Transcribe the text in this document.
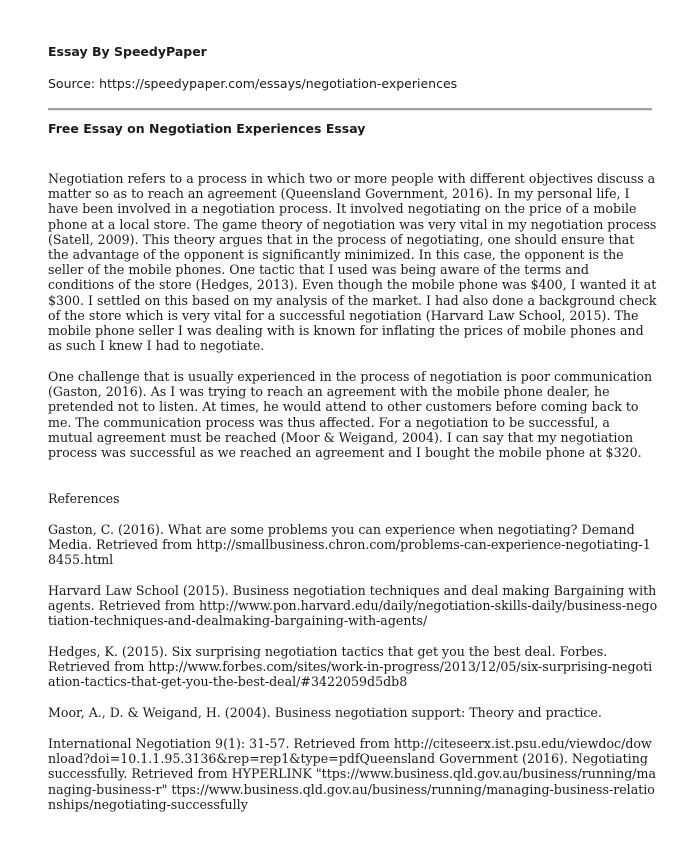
Essay By SpeedyPaper
Source: https://speedypaper.com/essays/negotiation-experiences
Free Essay on Negotiation Experiences Essay

Negotiation refers to a process in which two or more people with different objectives discuss a matter so as to reach an agreement (Queensland Government, 2016). In my personal life, I have been involved in a negotiation process. It involved negotiating on the price of a mobile phone at a local store. The game theory of negotiation was very vital in my negotiation process (Satell, 2009). This theory argues that in the process of negotiating, one should ensure that the advantage of the opponent is significantly minimized. In this case, the opponent is the seller of the mobile phones. One tactic that I used was being aware of the terms and conditions of the store (Hedges, 2013). Even though the mobile phone was $400, I wanted it at $300. I settled on this based on my analysis of the market. I had also done a background check of the store which is very vital for a successful negotiation (Harvard Law School, 2015). The mobile phone seller I was dealing with is known for inflating the prices of mobile phones and as such I knew I had to negotiate.

One challenge that is usually experienced in the process of negotiation is poor communication (Gaston, 2016). As I was trying to reach an agreement with the mobile phone dealer, he pretended not to listen. At times, he would attend to other customers before coming back to me. The communication process was thus affected. For a negotiation to be successful, a mutual agreement must be reached (Moor & Weigand, 2004). I can say that my negotiation process was successful as we reached an agreement and I bought the mobile phone at $320.

References
Gaston, C. (2016). What are some problems you can experience when negotiating? Demand Media. Retrieved from http://smallbusiness.chron.com/problems-can-experience-negotiating-18455.html
Harvard Law School (2015). Business negotiation techniques and deal making Bargaining with agents. Retrieved from http://www.pon.harvard.edu/daily/negotiation-skills-daily/business-negotiation-techniques-and-dealmaking-bargaining-with-agents/
Hedges, K. (2015). Six surprising negotiation tactics that get you the best deal. Forbes. Retrieved from http://www.forbes.com/sites/work-in-progress/2013/12/05/six-surprising-negotiation-tactics-that-get-you-the-best-deal/#3422059d5db8
Moor, A., D. & Weigand, H. (2004). Business negotiation support: Theory and practice.
International Negotiation 9(1): 31-57. Retrieved from http://citeseerx.ist.psu.edu/viewdoc/download?doi=10.1.1.95.3136&rep=rep1&type=pdfQueensland Government (2016). Negotiating successfully. Retrieved from HYPERLINK "ttps://www.business.qld.gov.au/business/running/managing-business-r" ttps://www.business.qld.gov.au/business/running/managing-business-relationships/negotiating-successfully
